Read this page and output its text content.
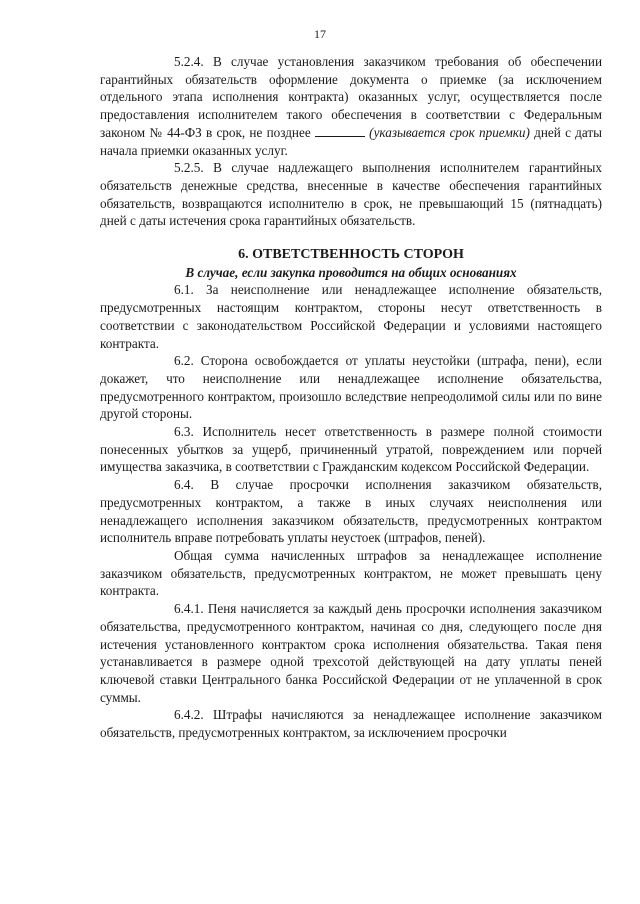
17

5.2.4. В случае установления заказчиком требования об обеспечении гарантийных обязательств оформление документа о приемке (за исключением отдельного этапа исполнения контракта) оказанных услуг, осуществляется после предоставления исполнителем такого обеспечения в соответствии с Федеральным законом № 44-ФЗ в срок, не позднее	(указывается срок приемки) дней с даты начала приемки оказанных услуг.

5.2.5. В случае надлежащего выполнения исполнителем гарантийных обязательств денежные средства, внесенные в качестве обеспечения гарантийных обязательств, возвращаются исполнителю в срок, не превышающий 15 (пятнадцать) дней с даты истечения срока гарантийных обязательств.

6. ОТВЕТСТВЕННОСТЬ СТОРОН

В случае, если закупка проводится на общих основаниях

6.1. За неисполнение или ненадлежащее исполнение обязательств, предусмотренных настоящим контрактом, стороны несут ответственность в соответствии с законодательством Российской Федерации и условиями настоящего контракта.

6.2. Сторона освобождается от уплаты неустойки (штрафа, пени), если докажет, что неисполнение или ненадлежащее исполнение обязательства, предусмотренного контрактом, произошло вследствие непреодолимой силы или по вине другой стороны.

6.3. Исполнитель несет ответственность в размере полной стоимости понесенных убытков за ущерб, причиненный утратой, повреждением или порчей имущества заказчика, в соответствии с Гражданским кодексом Российской Федерации.

6.4. В случае просрочки исполнения заказчиком обязательств, предусмотренных контрактом, а также в иных случаях неисполнения или ненадлежащего исполнения заказчиком обязательств, предусмотренных контрактом исполнитель вправе потребовать уплаты неустоек (штрафов, пеней).

Общая сумма начисленных штрафов за ненадлежащее исполнение заказчиком обязательств, предусмотренных контрактом, не может превышать цену контракта.

6.4.1. Пеня начисляется за каждый день просрочки исполнения заказчиком обязательства, предусмотренного контрактом, начиная со дня, следующего после дня истечения установленного контрактом срока исполнения обязательства. Такая пеня устанавливается в размере одной трехсотой действующей на дату уплаты пеней ключевой ставки Центрального банка Российской Федерации от не уплаченной в срок суммы.

6.4.2. Штрафы начисляются за ненадлежащее исполнение заказчиком обязательств, предусмотренных контрактом, за исключением просрочки
